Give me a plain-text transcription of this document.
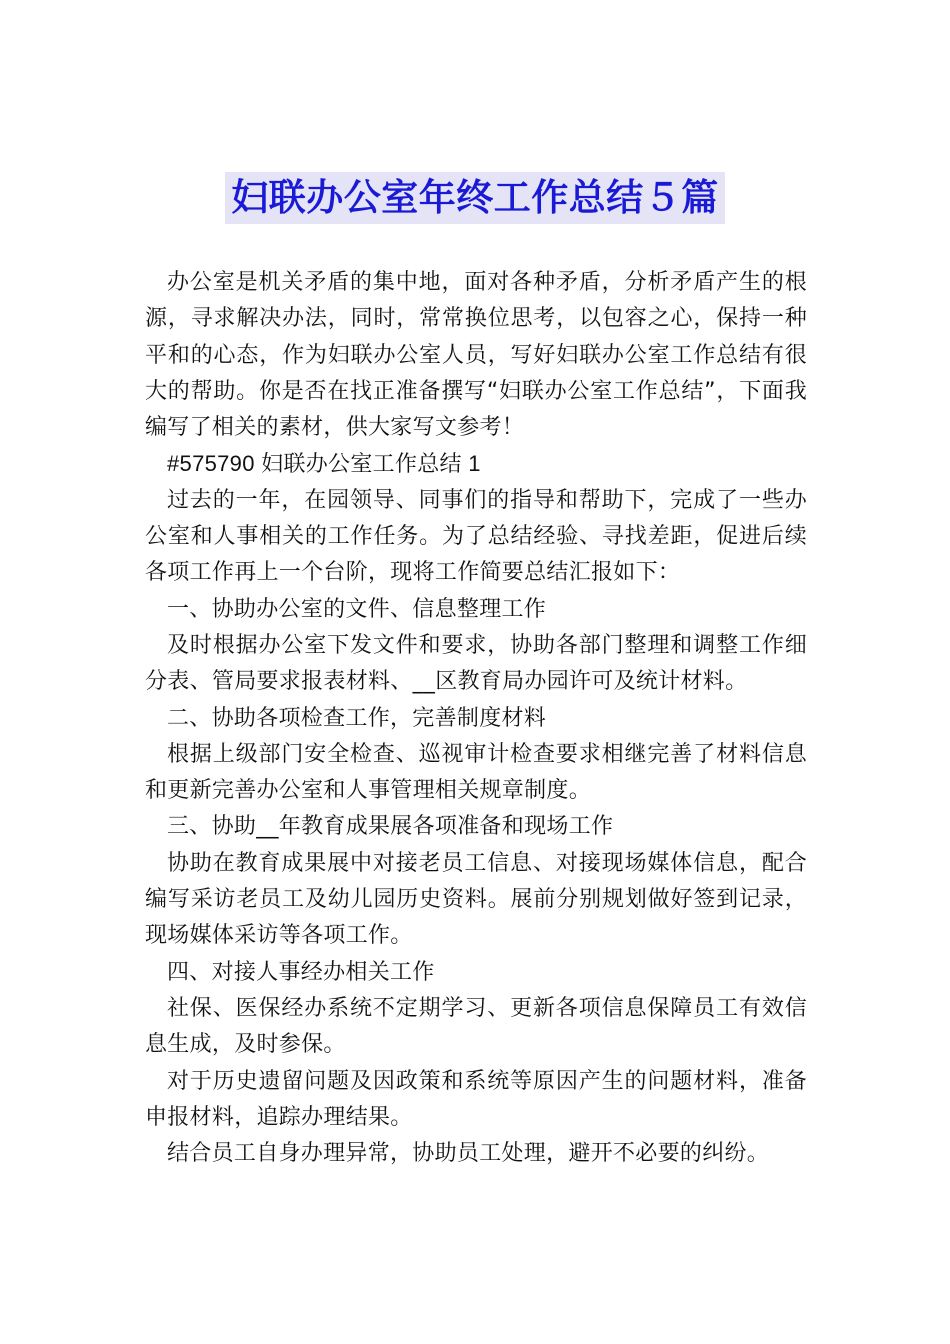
妇联办公室年终工作总结５篇

办公室是机关矛盾的集中地，面对各种矛盾，分析矛盾产生的根源，寻求解决办法，同时，常常换位思考，以包容之心，保持一种平和的心态，作为妇联办公室人员，写好妇联办公室工作总结有很大的帮助。你是否在找正准备撰写“妇联办公室工作总结”，下面我编写了相关的素材，供大家写文参考！

#575790 妇联办公室工作总结 1

过去的一年，在园领导、同事们的指导和帮助下，完成了一些办公室和人事相关的工作任务。为了总结经验、寻找差距，促进后续各项工作再上一个台阶，现将工作简要总结汇报如下：

一、协助办公室的文件、信息整理工作

及时根据办公室下发文件和要求，协助各部门整理和调整工作细分表、管局要求报表材料、__区教育局办园许可及统计材料。

二、协助各项检查工作，完善制度材料

根据上级部门安全检查、巡视审计检查要求相继完善了材料信息和更新完善办公室和人事管理相关规章制度。

三、协助__年教育成果展各项准备和现场工作

协助在教育成果展中对接老员工信息、对接现场媒体信息，配合编写采访老员工及幼儿园历史资料。展前分别规划做好签到记录，现场媒体采访等各项工作。

四、对接人事经办相关工作

社保、医保经办系统不定期学习、更新各项信息保障员工有效信息生成，及时参保。

对于历史遗留问题及因政策和系统等原因产生的问题材料，准备申报材料，追踪办理结果。

结合员工自身办理异常，协助员工处理，避开不必要的纠纷。
